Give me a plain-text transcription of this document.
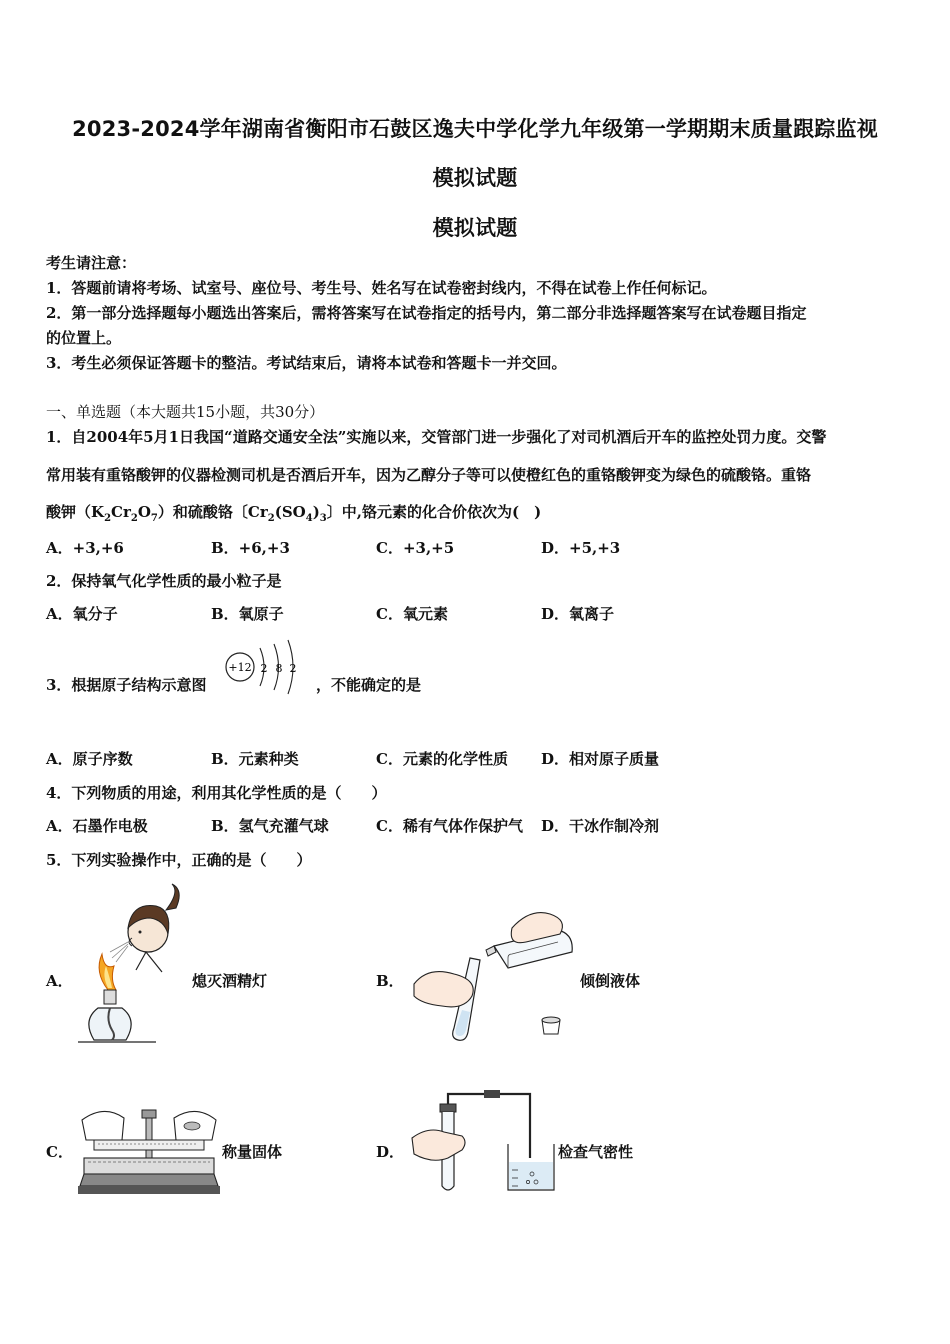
2023-2024学年湖南省衡阳市石鼓区逸夫中学化学九年级第一学期期末质量跟踪监视
模拟试题
模拟试题
考生请注意：
1．答题前请将考场、试室号、座位号、考生号、姓名写在试卷密封线内，不得在试卷上作任何标记。
2．第一部分选择题每小题选出答案后，需将答案写在试卷指定的括号内，第二部分非选择题答案写在试卷题目指定
的位置上。
3．考生必须保证答题卡的整洁。考试结束后，请将本试卷和答题卡一并交回。
一、单选题（本大题共15小题，共30分）
1．自2004年5月1日我国“道路交通安全法”实施以来，交管部门进一步强化了对司机酒后开车的监控处罚力度。交警
常用装有重铬酸钾的仪器检测司机是否酒后开车，因为乙醇分子等可以使橙红色的重铬酸钾变为绿色的硫酸铬。重铬
酸钾$(K_2Cr_2O_7)$和硫酸铬〔$Cr_2(SO_4)_3$〕中,铬元素的化合价依次为(　)
A．+3,+6	B．+6,+3	C．+3,+5	D．+5,+3
2．保持氧气化学性质的最小粒子是
A．氧分子	B．氧原子	C．氧元素	D．氧离子
3．根据原子结构示意图
+12 2 8 2
，不能确定的是
A．原子序数	B．元素种类	C．元素的化学性质 D．相对原子质量
4．下列物质的用途，利用其化学性质的是（　　）
A．石墨作电极	B．氢气充灌气球	C．稀有气体作保护气 D．干冰作制冷剂
5．下列实验操作中，正确的是（　　）
A．	熄灭酒精灯	B．	倾倒液体
C．	称量固体	D．	检查气密性
